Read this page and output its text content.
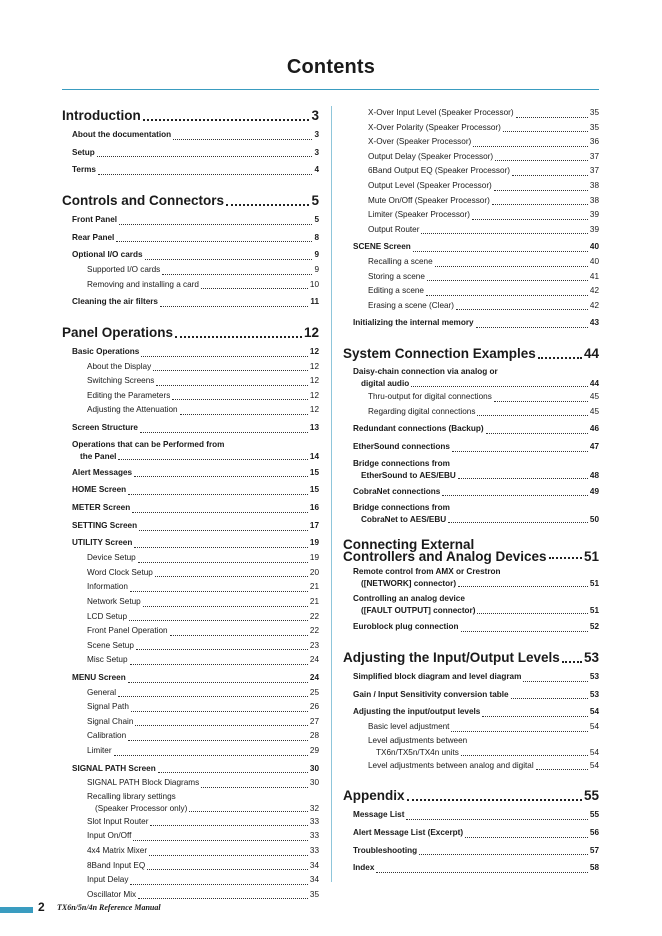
Contents
Introduction	3
About the documentation	3
Setup	3
Terms	4
Controls and Connectors	5
Front Panel	5
Rear Panel	8
Optional I/O cards	9
Supported I/O cards	9
Removing and installing a card	10
Cleaning the air filters	11
Panel Operations	12
Basic Operations	12
About the Display	12
Switching Screens	12
Editing the Parameters	12
Adjusting the Attenuation	12
Screen Structure	13
Operations that can be Performed from
the Panel	14
Alert Messages	15
HOME Screen	15
METER Screen	16
SETTING Screen	17
UTILITY Screen	19
Device Setup	19
Word Clock Setup	20
Information	21
Network Setup	21
LCD Setup	22
Front Panel Operation	22
Scene Setup	23
Misc Setup	24
MENU Screen	24
General	25
Signal Path	26
Signal Chain	27
Calibration	28
Limiter	29
SIGNAL PATH Screen	30
SIGNAL PATH Block Diagrams	30
Recalling library settings
(Speaker Processor only)	32
Slot Input Router	33
Input On/Off	33
4x4 Matrix Mixer	33
8Band Input EQ	34
Input Delay	34
Oscillator Mix	35
X-Over Input Level (Speaker Processor)	35
X-Over Polarity (Speaker Processor)	35
X-Over (Speaker Processor)	36
Output Delay (Speaker Processor)	37
6Band Output EQ (Speaker Processor)	37
Output Level (Speaker Processor)	38
Mute On/Off (Speaker Processor)	38
Limiter (Speaker Processor)	39
Output Router	39
SCENE Screen	40
Recalling a scene	40
Storing a scene	41
Editing a scene	42
Erasing a scene (Clear)	42
Initializing the internal memory	43
System Connection Examples	44
Daisy-chain connection via analog or
digital audio	44
Thru-output for digital connections	45
Regarding digital connections	45
Redundant connections (Backup)	46
EtherSound connections	47
Bridge connections from
EtherSound to AES/EBU	48
CobraNet connections	49
Bridge connections from
CobraNet to AES/EBU	50
Connecting External
Controllers and Analog Devices	51
Remote control from AMX or Crestron
([NETWORK] connector)	51
Controlling an analog device
([FAULT OUTPUT] connector)	51
Euroblock plug connection	52
Adjusting the Input/Output Levels 53
Simplified block diagram and level diagram	53
Gain / Input Sensitivity conversion table	53
Adjusting the input/output levels	54
Basic level adjustment	54
Level adjustments between
TX6n/TX5n/TX4n units	54
Level adjustments between analog and digital	54
Appendix	55
Message List	55
Alert Message List (Excerpt)	56
Troubleshooting	57
Index	58
2 TX6n/5n/4n Reference Manual
